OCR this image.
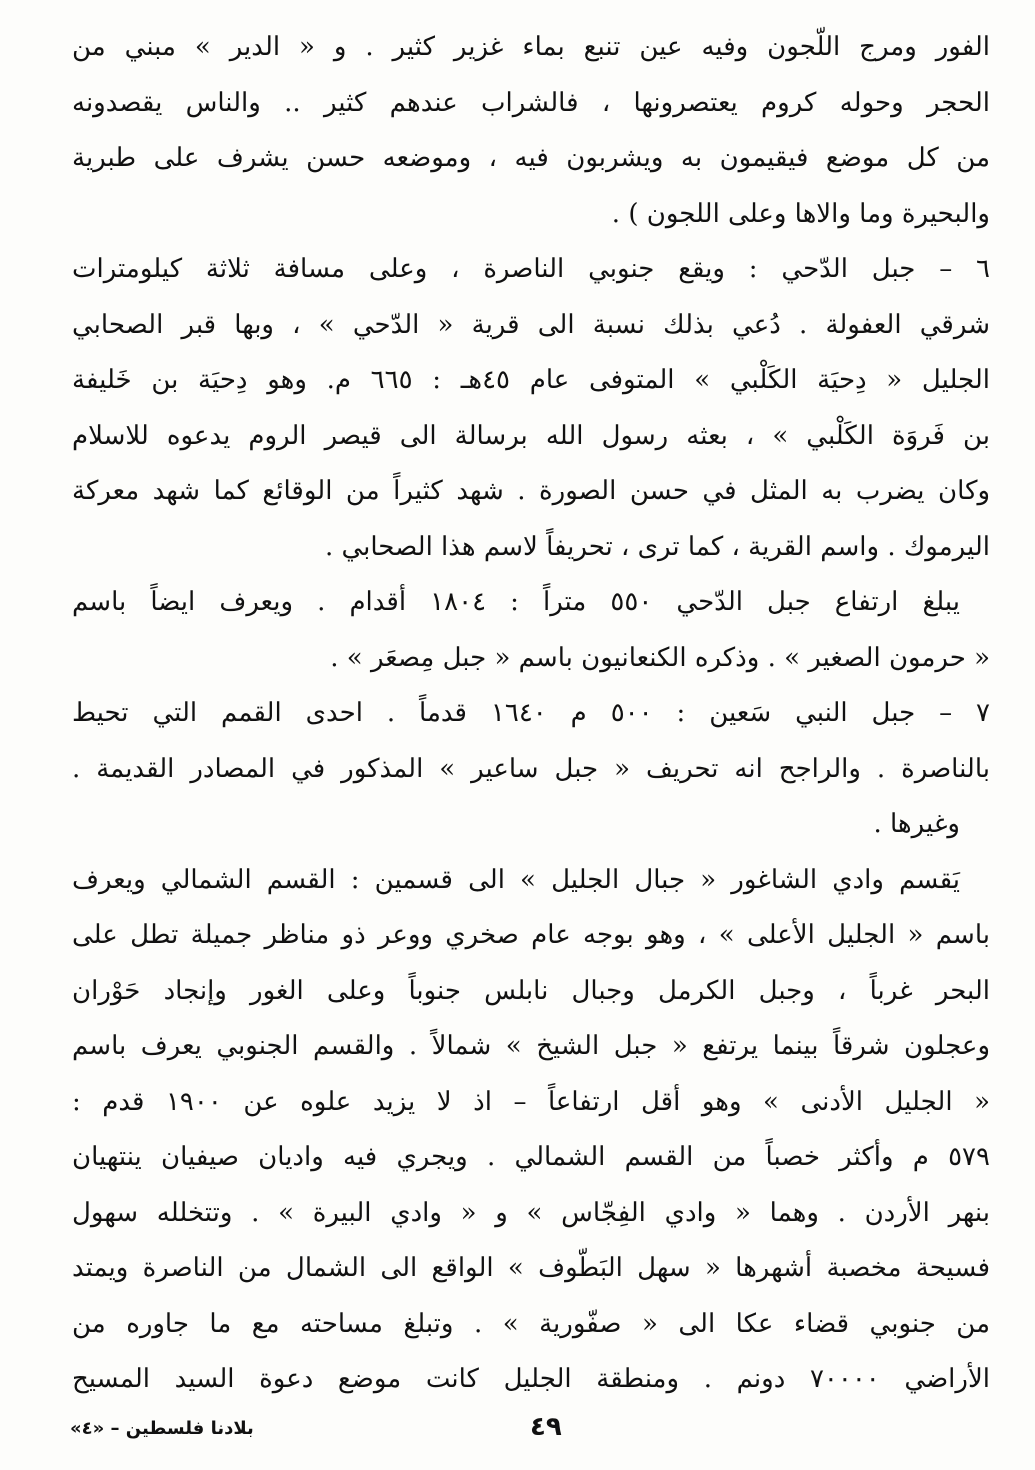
الفور ومرج اللّجون وفيه عين تنبع بماء غزير كثير . و « الدير » مبني من
الحجر وحوله كروم يعتصرونها ، فالشراب عندهم كثير .. والناس يقصدونه
من كل موضع فيقيمون به ويشربون فيه ، وموضعه حسن يشرف على طبرية
والبحيرة وما والاها وعلى اللجون ) .
٦ – جبل الدّحي : ويقع جنوبي الناصرة ، وعلى مسافة ثلاثة كيلومترات
شرقي العفولة . دُعي بذلك نسبة الى قرية « الدّحي » ، وبها قبر الصحابي
الجليل « دِحيَة الكَلْبي » المتوفى عام ٤٥هـ : ٦٦٥ م. وهو دِحيَة بن خَليفة
بن فَروَة الكَلْبي » ، بعثه رسول الله برسالة الى قيصر الروم يدعوه للاسلام
وكان يضرب به المثل في حسن الصورة . شهد كثيراً من الوقائع كما شهد معركة
اليرموك . واسم القرية ، كما ترى ، تحريفاً لاسم هذا الصحابي .
يبلغ ارتفاع جبل الدّحي ٥٥٠ متراً : ١٨٠٤ أقدام . ويعرف ايضاً باسم
« حرمون الصغير » . وذكره الكنعانيون باسم « جبل مِصعَر » .
٧ – جبل النبي سَعين : ٥٠٠ م ١٦٤٠ قدماً . احدى القمم التي تحيط
بالناصرة . والراجح انه تحريف « جبل ساعير » المذكور في المصادر القديمة .
وغيرها .
يَقسم وادي الشاغور « جبال الجليل » الى قسمين : القسم الشمالي ويعرف
باسم « الجليل الأعلى » ، وهو بوجه عام صخري ووعر ذو مناظر جميلة تطل على
البحر غرباً ، وجبل الكرمل وجبال نابلس جنوباً وعلى الغور وإنجاد حَوْران
وعجلون شرقاً بينما يرتفع « جبل الشيخ » شمالاً . والقسم الجنوبي يعرف باسم
« الجليل الأدنى » وهو أقل ارتفاعاً – اذ لا يزيد علوه عن ١٩٠٠ قدم :
٥٧٩ م وأكثر خصباً من القسم الشمالي . ويجري فيه واديان صيفيان ينتهيان
بنهر الأردن . وهما « وادي الفِجّاس » و « وادي البيرة » . وتتخلله سهول
فسيحة مخصبة أشهرها « سهل البَطّوف » الواقع الى الشمال من الناصرة ويمتد
من جنوبي قضاء عكا الى « صفّورية » . وتبلغ مساحته مع ما جاوره من
الأراضي ٧٠٠٠٠ دونم . ومنطقة الجليل كانت موضع دعوة السيد المسيح
٤٩
بلادنا فلسطين – «٤»
